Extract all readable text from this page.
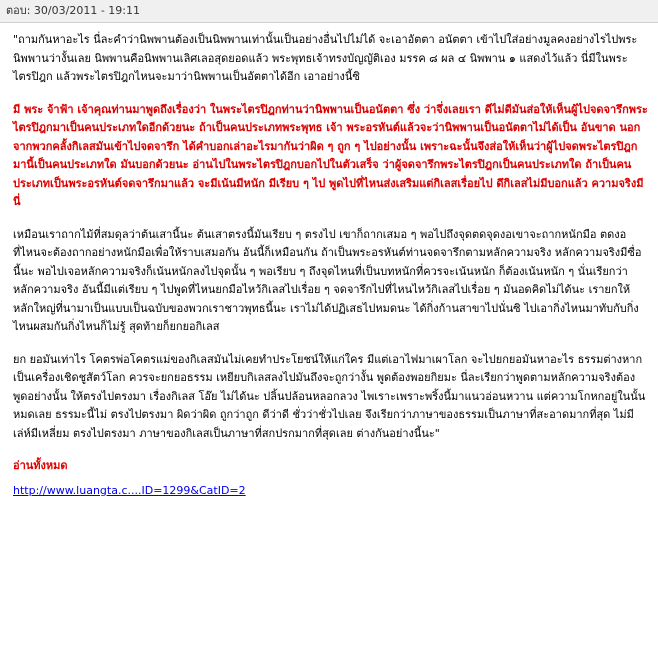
ตอบ: 30/03/2011 - 19:11

"ถามกันหาอะไร นี่ละคำว่านิพพานต้องเป็นนิพพานเท่านั้นเป็นอย่างอื่นไปไม่ได้ จะเอาอัตตา อนัตตา เข้าไปใส่อย่างมูลคงอย่างไรไปพระนิพพานว่างั้นเลย นิพพานคือนิพพานเลิศเลอสุดยอดแล้ว พระพุทธเจ้าทรงบัญญัติเอง มรรค ๘ ผล ๔ นิพพาน ๑ แสดงไว้แล้ว นี่มีในพระไตรปิฎก แล้วพระไตรปิฎกไหนจะมาว่านิพพานเป็นอัตตาได้อีก เอาอย่างนี้ซิ

มี พระ จ้าฟ้า เจ้าคุณท่านมาพูดถึงเรื่องว่า ในพระไตรปิฎกท่านว่านิพพานเป็นอนัตตา ซึ่ง ว่าจึ่งเลยเรา ดีไม่ดีมันส่อให้เห็นผู้ไปจดจารึกพระไตรปิฎกมาเป็นคนประเภทใดอีกด้วยนะ ถ้าเป็นคนประเภทพระพุทธ เจ้า พระอรหันต์แล้วจะว่านิพพานเป็นอนัตตาไม่ได้เป็น อันขาด นอกจากพวกคลั้งกิเลสมันเข้าไปจดจารึก ได้คำบอกเล่าอะไรมากันว่าผิด ๆ ถูก ๆ ไปอย่างนั้น เพราะฉะนั้นจึงส่อให้เห็นว่าผู้ไปจดพระไตรปิฎกมานี้เป็นคนประเภทใด มันบอกด้วยนะ อ่านไปในพระไตรปิฎกบอกไปในตัวเสร็จ ว่าผู้จดจารึกพระไตรปิฎกเป็นคนประเภทใด ถ้าเป็นคนประเภทเป็นพระอรหันต์จดจารึกมาแล้ว จะมีเน้นมีหนัก มีเรียบ ๆ ไป พูดไปที่ไหนส่งเสริมแต่กิเลสเรื่อยไป ดึกิเลสไม่มีบอกแล้ว ความจริงมีนี่

เหมือนเราถากไม้ที่สมดุลว่าต้นเสานี้นะ ต้นเสาตรงนี้มันเรียบ ๆ ตรงไป เขาก็ถากเสมอ ๆ พอไปถึงจุดตดจุดงอเขาจะถากหนักมือ ตดงอที่ไหนจะต้องถากอย่างหนักมือเพื่อให้ราบเสมอกัน อันนี้ก็เหมือนกัน ถ้าเป็นพระอรหันต์ท่านจดจารึกตามหลักความจริง หลักความจริงมีซื่อนี้นะ พอไปเจอหลักความจริงก็เน้นหนักลงไปจุดนั้น ๆ พอเรียบ ๆ ถึงจุดไหนที่เป็นบทหนักที่ควรจะเน้นหนัก ก็ต้องเน้นหนัก ๆ นั่นเรียกว่าหลักความจริง อันนี้มีแต่เรียบ ๆ ไปพูดที่ไหนยกมือไหว้กิเลสไปเรื่อย ๆ จดจารึกไปที่ไหนไหว้กิเลสไปเรื่อย ๆ มันอดคิดไม่ได้นะ เรายกให้หลักใหญ่ที่นามาเป็นแบบเป็นฉบับของพวกเราชาวพุทธนี้นะ เราไม่ได้ปฏิเสธไปหมดนะ ได้กิ่งก้านสาขาไปนั่นซิ ไปเอากิ่งไหนมาทับกับกิ่งไหนผสมกันกิ่งไหนก็ไม่รู้ สุดท้ายก็ยกยอกิเลส

ยก ยอมันเท่าไร โคตรพ่อโคตรแม่ของกิเลสมันไม่เคยทำประโยชน์ให้แก่ใคร มีแต่เอาไฟมาเผาโลก จะไปยกยอมันหาอะไร ธรรมต่างหากเป็นเครื่องเชิดชูสัตว์โลก ควรจะยกยอธรรม เหยียบกิเลสลงไปมันถึงจะถูกว่างั้น พูดต้องพอยกิยมะ นี่ละเรียกว่าพูดตามหลักความจริงต้องพูดอย่างนั้น ให้ตรงไปตรงมา เรื่องกิเลส โอ๊ย ไม่ได้นะ ปลิ้นปล้อนหลอกลวง ไพเราะเพราะพริ้งนี้มาแนวอ่อนหวาน แต่ความโกหกอยู่ในนั้นหมดเลย ธรรมะนี้ไม่ ตรงไปตรงมา ผิดว่าผิด ถูกว่าถูก ดีว่าดี ชั่วว่าชั่วไปเลย จึงเรียกว่าภาษาของธรรมเป็นภาษาที่สะอาดมากที่สุด ไม่มีเล่ห์มีเหลี่ยม ตรงไปตรงมา ภาษาของกิเลสเป็นภาษาที่สกปรกมากที่สุดเลย ต่างกันอย่างนี้นะ"

อ่านทั้งหมด
http://www.luangta.c....ID=1299&CatID=2
